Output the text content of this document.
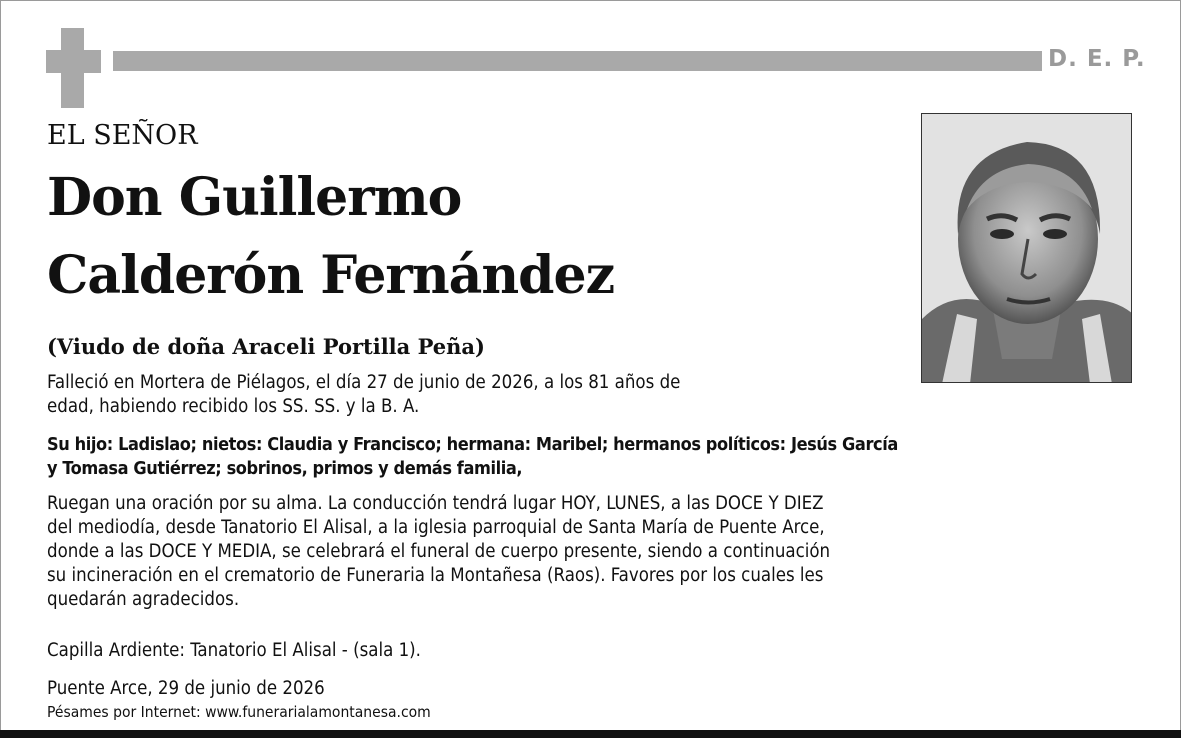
D. E. P.
EL SEÑOR
Don Guillermo
Calderón Fernández
(Viudo de doña Araceli Portilla Peña)
Falleció en Mortera de Piélagos, el día 27 de junio de 2026, a los 81 años de
edad, habiendo recibido los SS. SS. y la B. A.
Su hijo: Ladislao; nietos: Claudia y Francisco; hermana: Maribel; hermanos políticos: Jesús García
y Tomasa Gutiérrez; sobrinos, primos y demás familia,
Ruegan una oración por su alma. La conducción tendrá lugar HOY, LUNES, a las DOCE Y DIEZ
del mediodía, desde Tanatorio El Alisal, a la iglesia parroquial de Santa María de Puente Arce,
donde a las DOCE Y MEDIA, se celebrará el funeral de cuerpo presente, siendo a continuación
su incineración en el crematorio de Funeraria la Montañesa (Raos). Favores por los cuales les
quedarán agradecidos.
Capilla Ardiente: Tanatorio El Alisal - (sala 1).
Puente Arce, 29 de junio de 2026
Pésames por Internet: www.funerarialamontanesa.com
